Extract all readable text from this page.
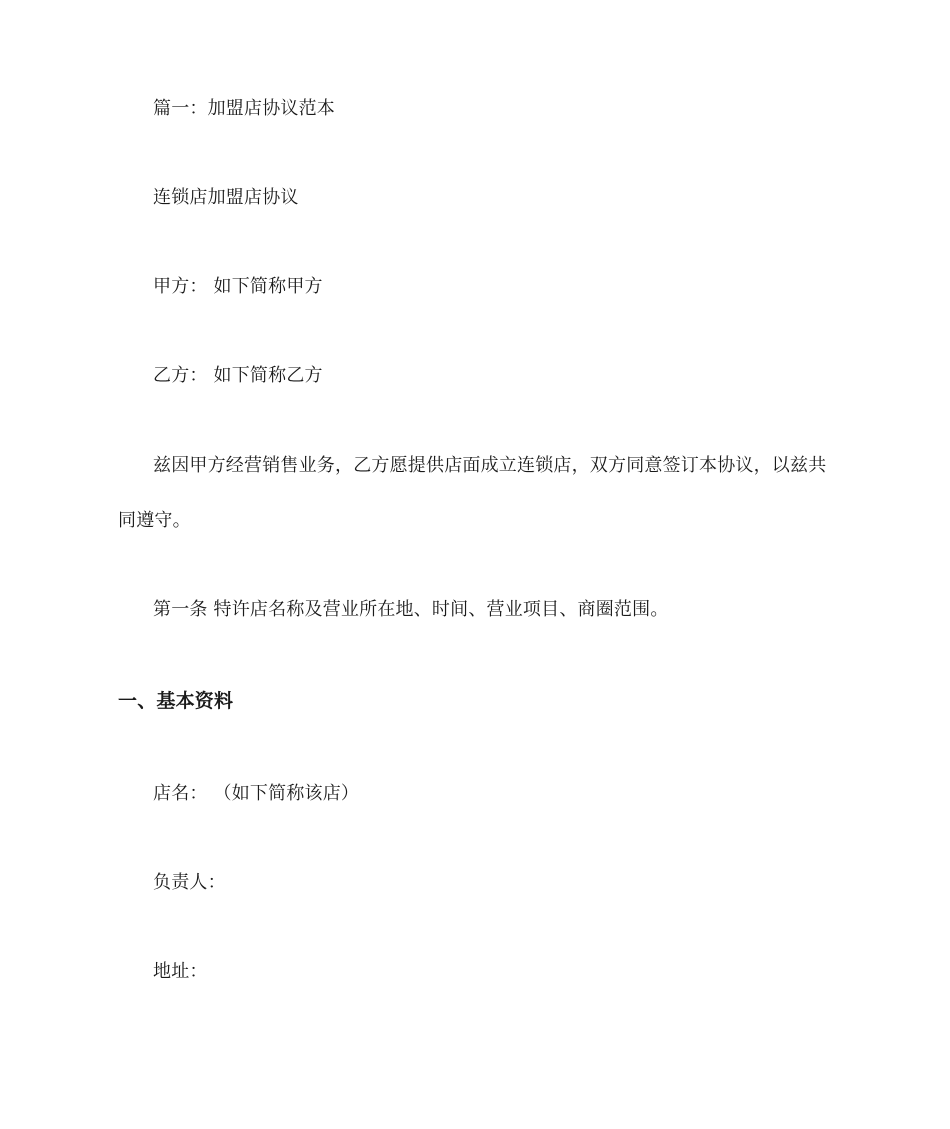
篇一：加盟店协议范本
连锁店加盟店协议
甲方： 如下简称甲方
乙方： 如下简称乙方
兹因甲方经营销售业务，乙方愿提供店面成立连锁店，双方同意签订本协议，以兹共
同遵守。
第一条 特许店名称及营业所在地、时间、营业项目、商圈范围。
一、基本资料
店名： （如下简称该店）
负责人：
地址：
